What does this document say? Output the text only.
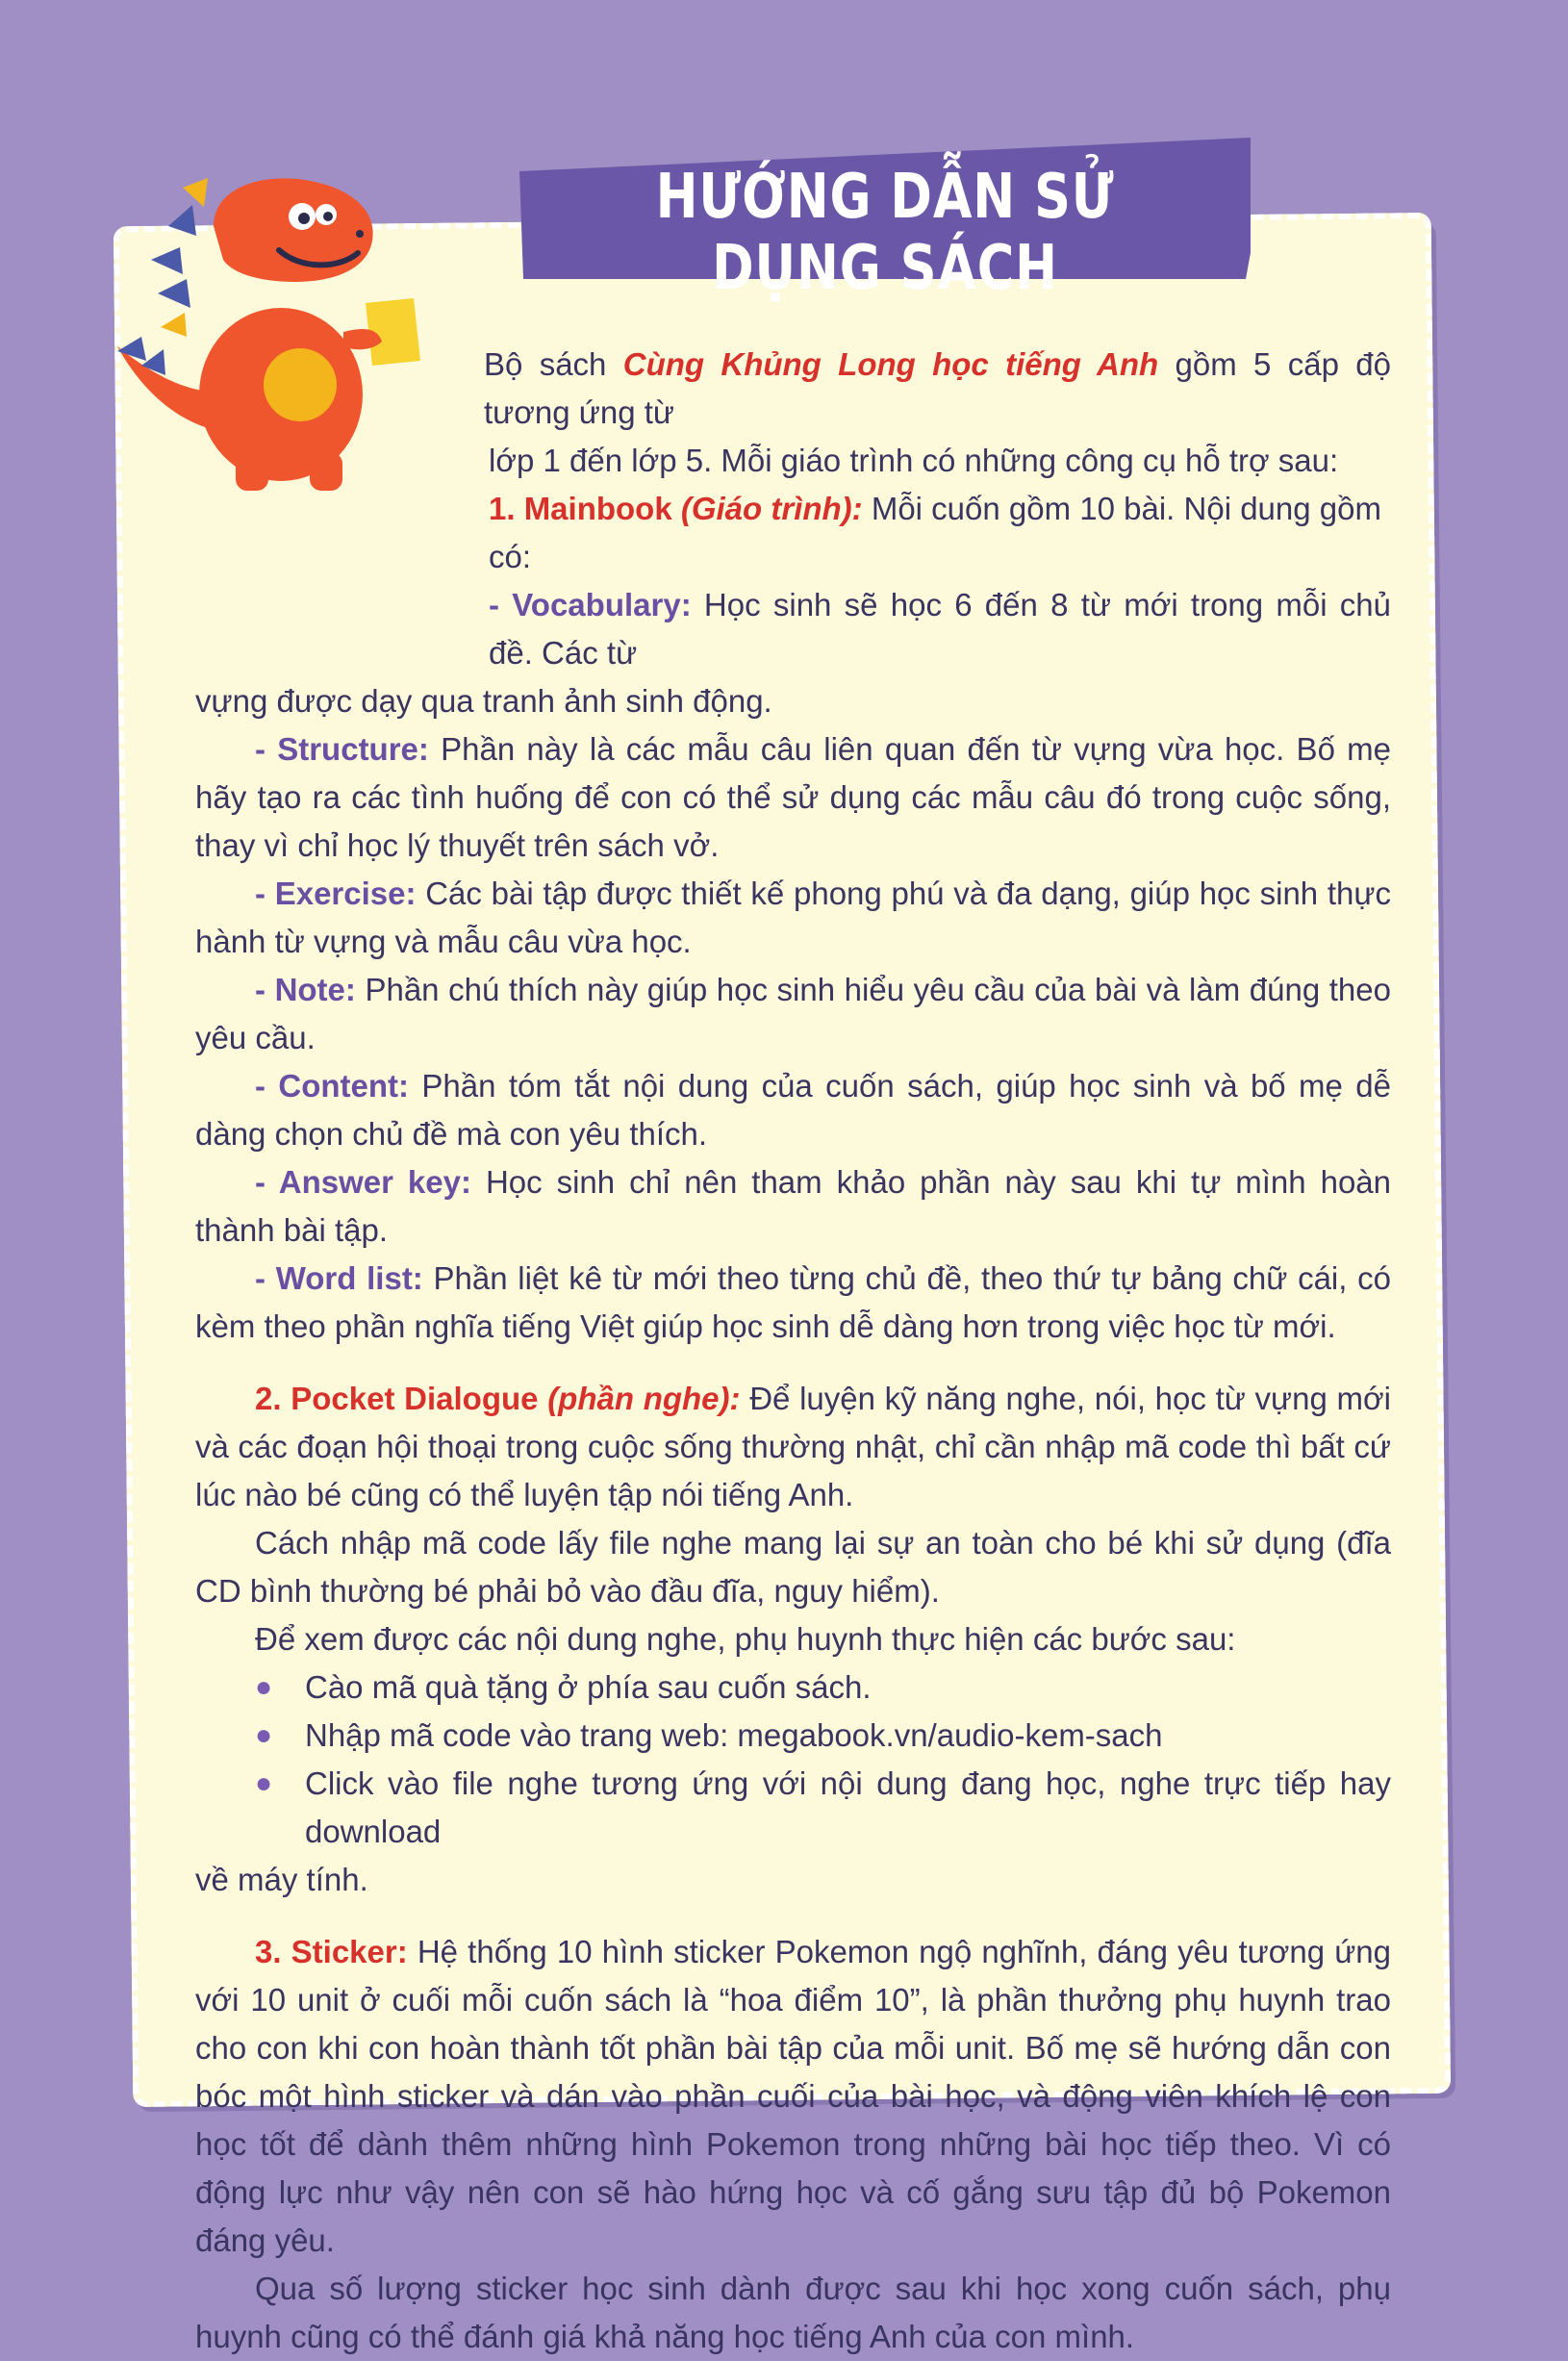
HƯỚNG DẪN SỬ DỤNG SÁCH

Bộ sách Cùng Khủng Long học tiếng Anh gồm 5 cấp độ tương ứng từ

lớp 1 đến lớp 5. Mỗi giáo trình có những công cụ hỗ trợ sau:

1. Mainbook (Giáo trình): Mỗi cuốn gồm 10 bài. Nội dung gồm có:

- Vocabulary: Học sinh sẽ học 6 đến 8 từ mới trong mỗi chủ đề. Các từ

vựng được dạy qua tranh ảnh sinh động.

- Structure: Phần này là các mẫu câu liên quan đến từ vựng vừa học. Bố mẹ hãy tạo ra các tình huống để con có thể sử dụng các mẫu câu đó trong cuộc sống, thay vì chỉ học lý thuyết trên sách vở.

- Exercise: Các bài tập được thiết kế phong phú và đa dạng, giúp học sinh thực hành từ vựng và mẫu câu vừa học.

- Note: Phần chú thích này giúp học sinh hiểu yêu cầu của bài và làm đúng theo yêu cầu.

- Content: Phần tóm tắt nội dung của cuốn sách, giúp học sinh và bố mẹ dễ dàng chọn chủ đề mà con yêu thích.

- Answer key: Học sinh chỉ nên tham khảo phần này sau khi tự mình hoàn thành bài tập.

- Word list: Phần liệt kê từ mới theo từng chủ đề, theo thứ tự bảng chữ cái, có kèm theo phần nghĩa tiếng Việt giúp học sinh dễ dàng hơn trong việc học từ mới.

2. Pocket Dialogue (phần nghe): Để luyện kỹ năng nghe, nói, học từ vựng mới và các đoạn hội thoại trong cuộc sống thường nhật, chỉ cần nhập mã code thì bất cứ lúc nào bé cũng có thể luyện tập nói tiếng Anh.

Cách nhập mã code lấy file nghe mang lại sự an toàn cho bé khi sử dụng (đĩa CD bình thường bé phải bỏ vào đầu đĩa, nguy hiểm).

Để xem được các nội dung nghe, phụ huynh thực hiện các bước sau:

●	Cào mã quà tặng ở phía sau cuốn sách.
●	Nhập mã code vào trang web: megabook.vn/audio-kem-sach
●	Click vào file nghe tương ứng với nội dung đang học, nghe trực tiếp hay download

về máy tính.

3. Sticker: Hệ thống 10 hình sticker Pokemon ngộ nghĩnh, đáng yêu tương ứng với 10 unit ở cuối mỗi cuốn sách là “hoa điểm 10”, là phần thưởng phụ huynh trao cho con khi con hoàn thành tốt phần bài tập của mỗi unit. Bố mẹ sẽ hướng dẫn con bóc một hình sticker và dán vào phần cuối của bài học, và động viên khích lệ con học tốt để dành thêm những hình Pokemon trong những bài học tiếp theo. Vì có động lực như vậy nên con sẽ hào hứng học và cố gắng sưu tập đủ bộ Pokemon đáng yêu.

Qua số lượng sticker học sinh dành được sau khi học xong cuốn sách, phụ huynh cũng có thể đánh giá khả năng học tiếng Anh của con mình.
